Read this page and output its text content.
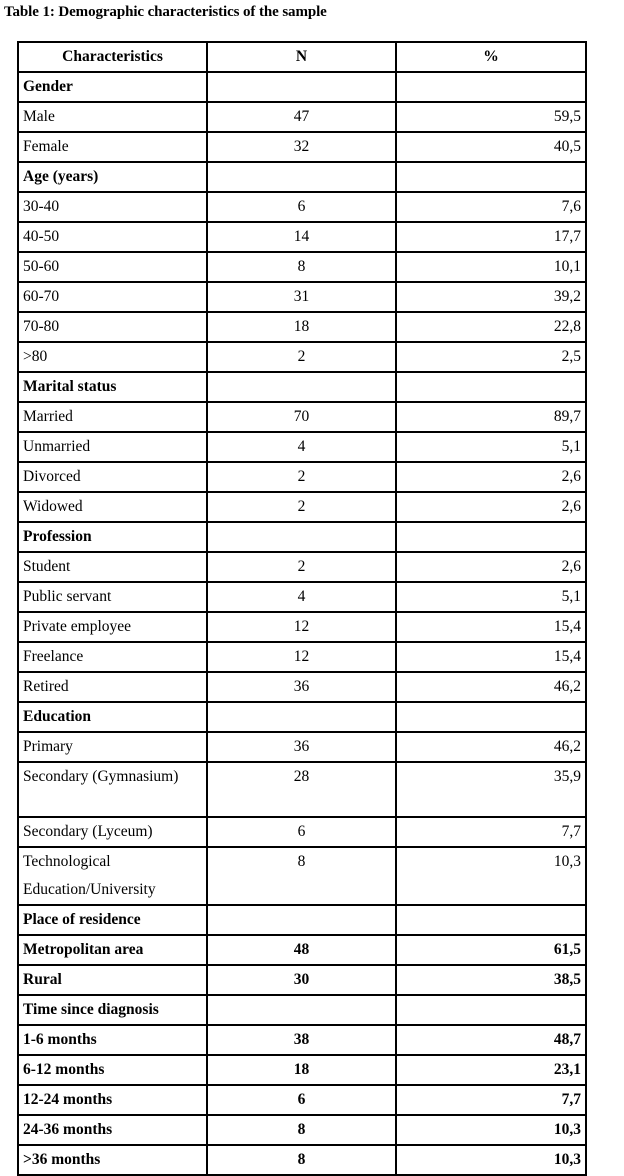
Table 1: Demographic characteristics of the sample
Characteristics	N	%
Gender		
Male	47	59,5
Female	32	40,5
Age (years)		
30-40	6	7,6
40-50	14	17,7
50-60	8	10,1
60-70	31	39,2
70-80	18	22,8
>80	2	2,5
Marital status		
Married	70	89,7
Unmarried	4	5,1
Divorced	2	2,6
Widowed	2	2,6
Profession		
Student	2	2,6
Public servant	4	5,1
Private employee	12	15,4
Freelance	12	15,4
Retired	36	46,2
Education		
Primary	36	46,2
Secondary (Gymnasium)	28	35,9
Secondary (Lyceum)	6	7,7
Technological Education/University	8	10,3
Place of residence		
Metropolitan area	48	61,5
Rural	30	38,5
Time since diagnosis		
1-6 months	38	48,7
6-12 months	18	23,1
12-24 months	6	7,7
24-36 months	8	10,3
>36 months	8	10,3
